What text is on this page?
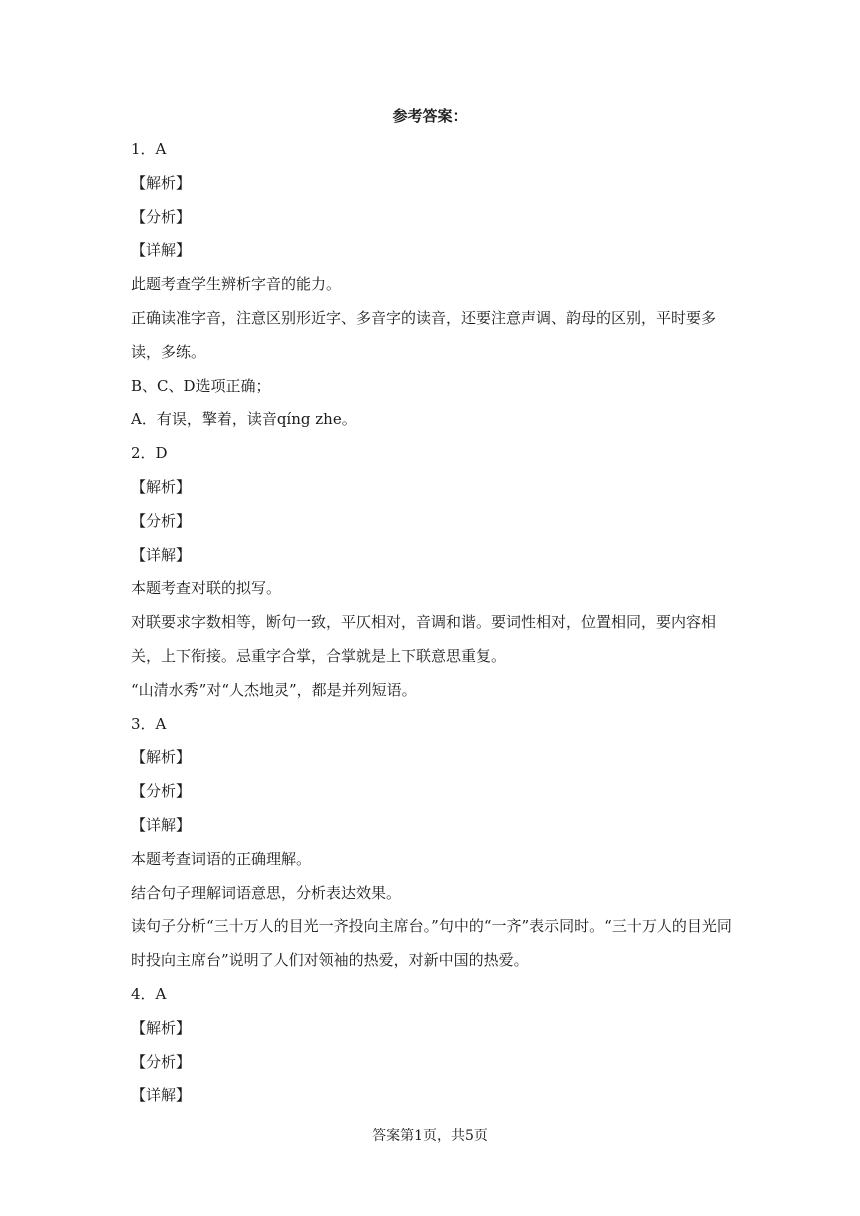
参考答案：
1．A
【解析】
【分析】
【详解】
此题考查学生辨析字音的能力。
正确读准字音，注意区别形近字、多音字的读音，还要注意声调、韵母的区别，平时要多读，多练。
B、C、D选项正确；
A．有误，擎着，读音qíng zhe。
2．D
【解析】
【分析】
【详解】
本题考查对联的拟写。
对联要求字数相等，断句一致，平仄相对，音调和谐。要词性相对，位置相同，要内容相关，上下衔接。忌重字合掌，合掌就是上下联意思重复。
“山清水秀”对“人杰地灵”，都是并列短语。
3．A
【解析】
【分析】
【详解】
本题考查词语的正确理解。
结合句子理解词语意思，分析表达效果。
读句子分析“三十万人的目光一齐投向主席台。”句中的“一齐”表示同时。“三十万人的目光同时投向主席台”说明了人们对领袖的热爱，对新中国的热爱。
4．A
【解析】
【分析】
【详解】
答案第1页，共5页
